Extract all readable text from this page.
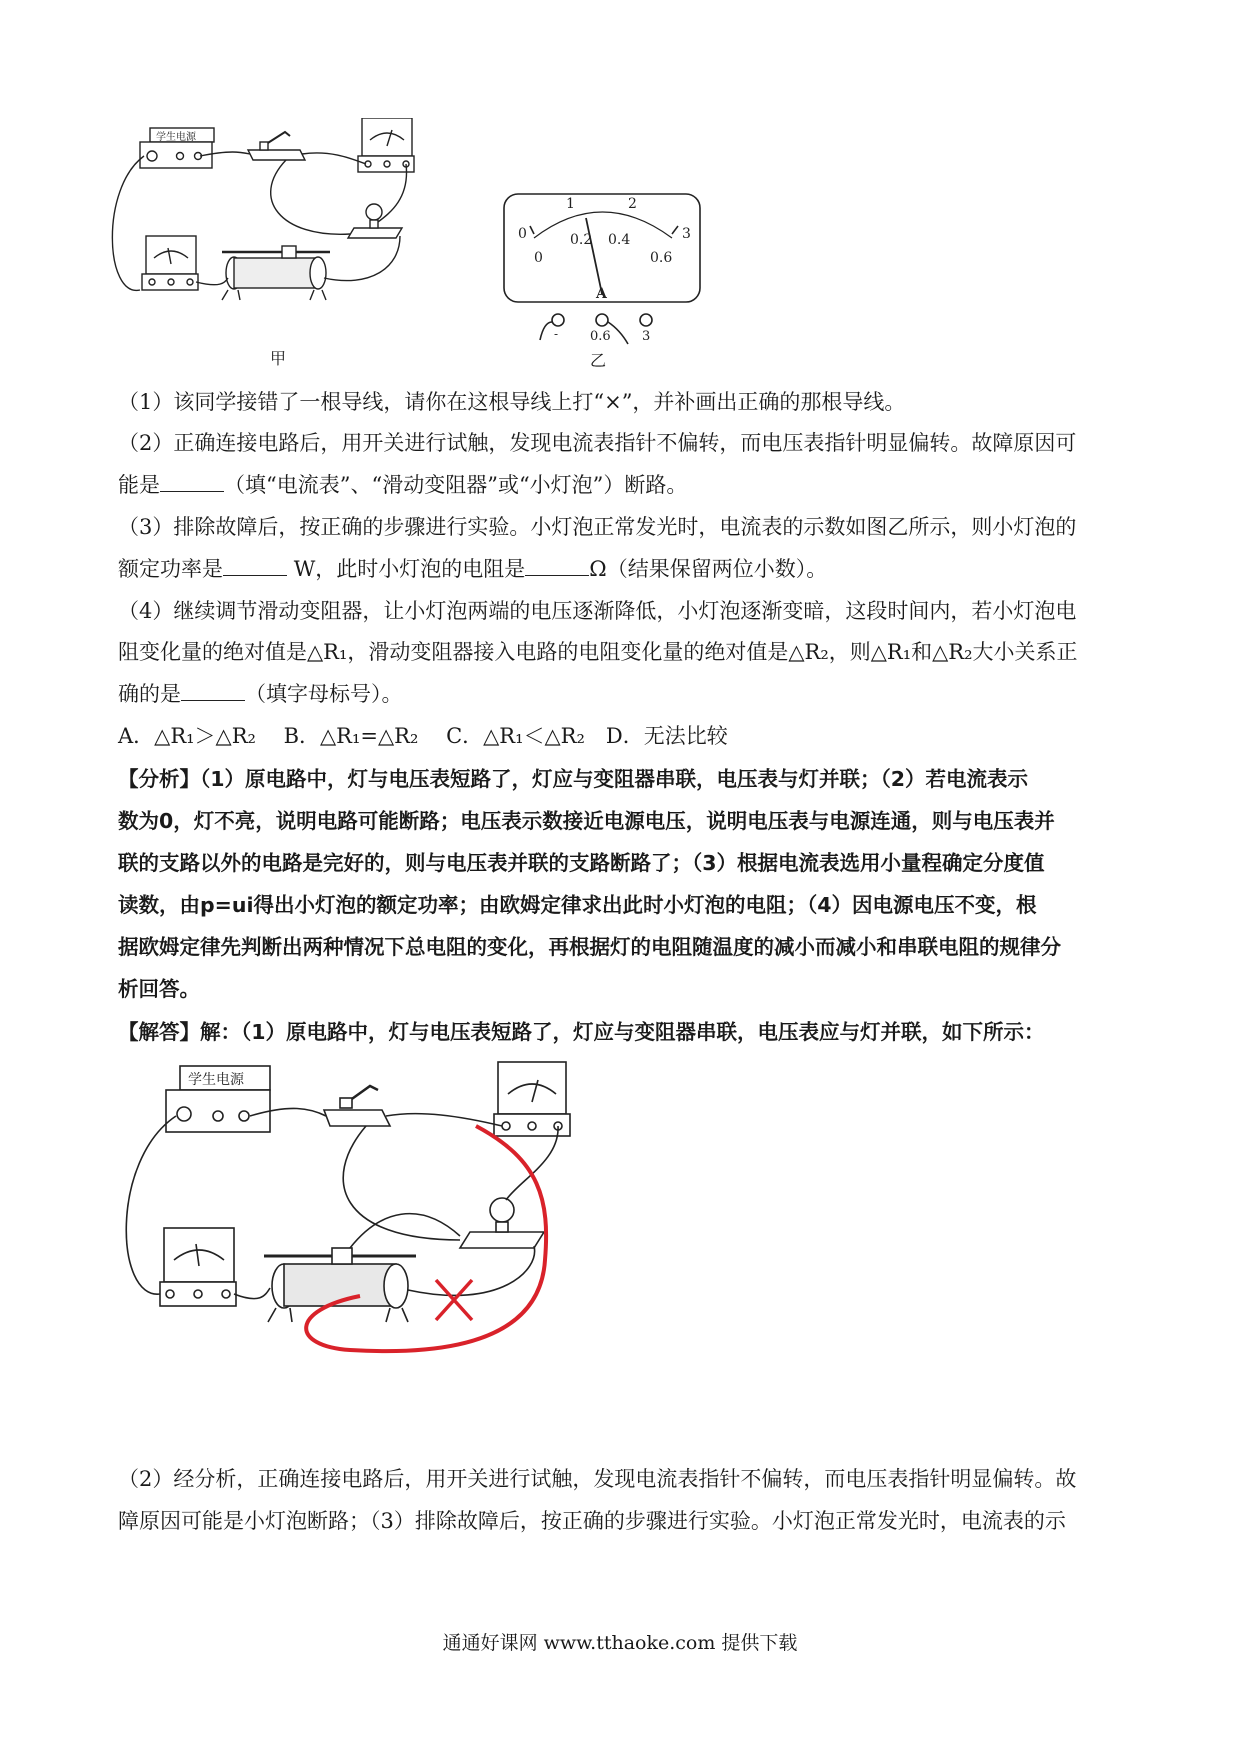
学生电源
甲
0
1	2
3
0
0.2 0.4
0.6
A
- 0.6 3
乙
（1）该同学接错了一根导线，请你在这根导线上打“×”，并补画出正确的那根导线。
（2）正确连接电路后，用开关进行试触，发现电流表指针不偏转，而电压表指针明显偏转。故障原因可
能是	（填“电流表”、“滑动变阻器”或“小灯泡”）断路。
（3）排除故障后，按正确的步骤进行实验。小灯泡正常发光时，电流表的示数如图乙所示，则小灯泡的
额定功率是	W，此时小灯泡的电阻是	Ω（结果保留两位小数）。
（4）继续调节滑动变阻器，让小灯泡两端的电压逐渐降低，小灯泡逐渐变暗，这段时间内，若小灯泡电
阻变化量的绝对值是△R₁，滑动变阻器接入电路的电阻变化量的绝对值是△R₂，则△R₁和△R₂大小关系正
确的是	（填字母标号）。
A．△R₁＞△R₂　 B．△R₁=△R₂　 C．△R₁＜△R₂　D．无法比较
【分析】（1）原电路中，灯与电压表短路了，灯应与变阻器串联，电压表与灯并联；（2）若电流表示
数为0，灯不亮，说明电路可能断路；电压表示数接近电源电压，说明电压表与电源连通，则与电压表并
联的支路以外的电路是完好的，则与电压表并联的支路断路了；（3）根据电流表选用小量程确定分度值
读数，由p=ui得出小灯泡的额定功率；由欧姆定律求出此时小灯泡的电阻；（4）因电源电压不变，根
据欧姆定律先判断出两种情况下总电阻的变化，再根据灯的电阻随温度的减小而减小和串联电阻的规律分
析回答。
【解答】解：（1）原电路中，灯与电压表短路了，灯应与变阻器串联，电压表应与灯并联，如下所示：
学生电源
（2）经分析，正确连接电路后，用开关进行试触，发现电流表指针不偏转，而电压表指针明显偏转。故
障原因可能是小灯泡断路；（3）排除故障后，按正确的步骤进行实验。小灯泡正常发光时，电流表的示
通通好课网 www.tthaoke.com 提供下载
